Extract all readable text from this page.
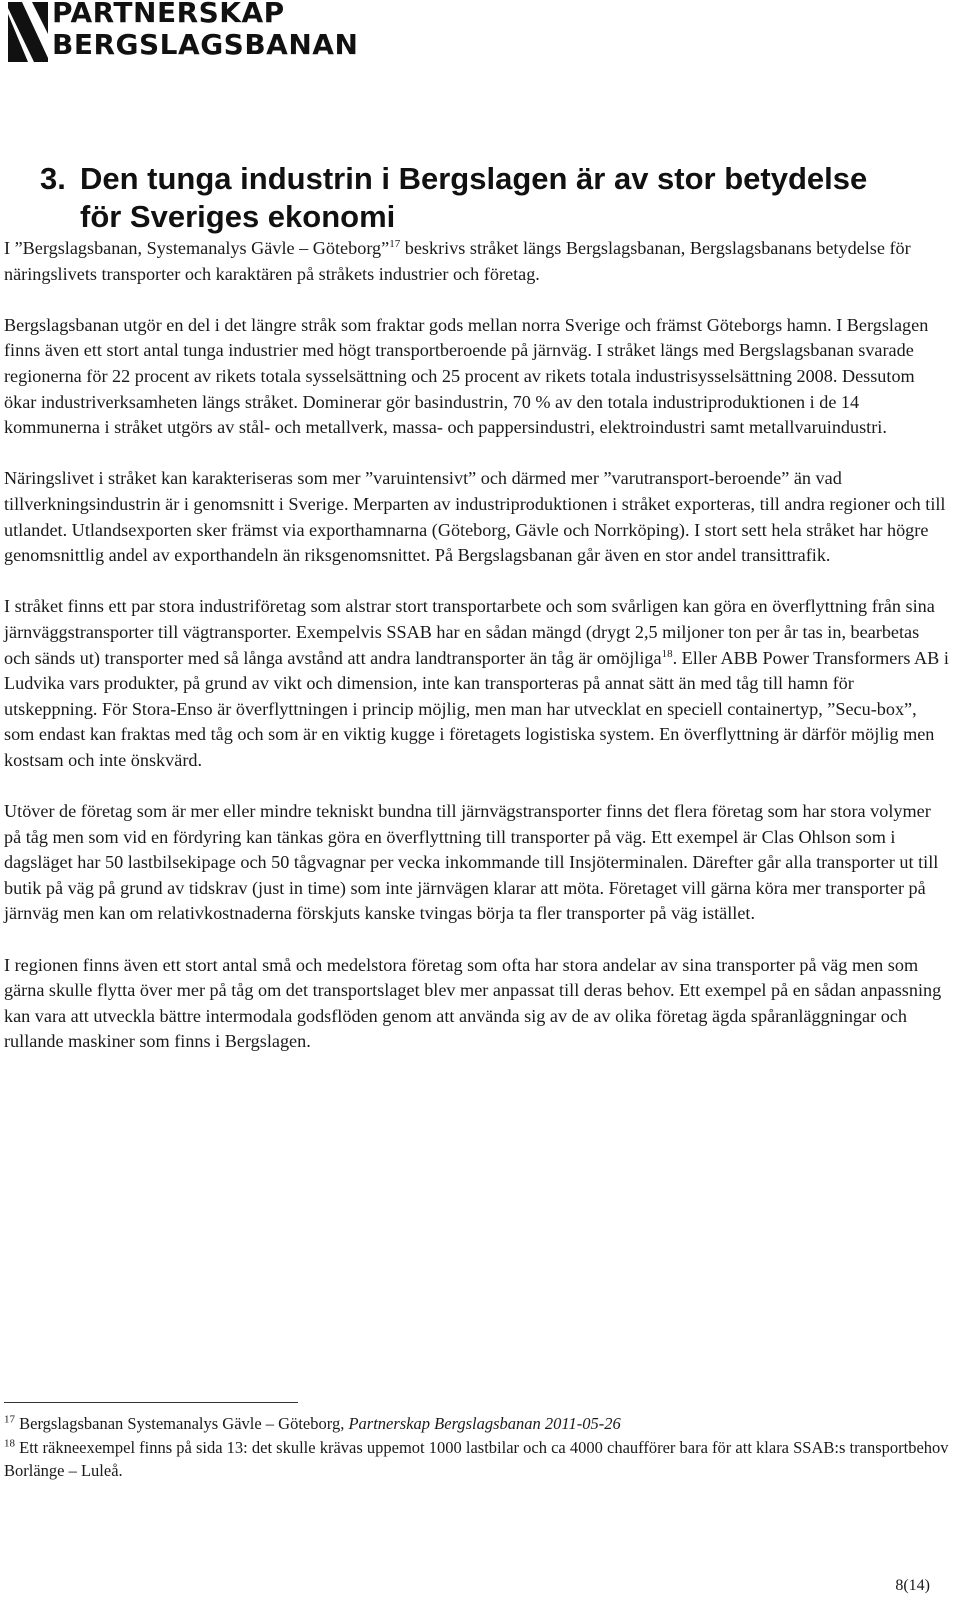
PARTNERSKAP
BERGSLAGSBANAN
3. Den tunga industrin i Bergslagen är av stor betydelse
för Sveriges ekonomi

I ”Bergslagsbanan, Systemanalys Gävle – Göteborg”$^{17}$ beskrivs stråket längs Bergslagsbanan, Bergslagsbanans betydelse för näringslivets transporter och karaktären på stråkets industrier och företag.

Bergslagsbanan utgör en del i det längre stråk som fraktar gods mellan norra Sverige och främst Göteborgs hamn. I Bergslagen finns även ett stort antal tunga industrier med högt transportberoende på järnväg. I stråket längs med Bergslagsbanan svarade regionerna för 22 procent av rikets totala sysselsättning och 25 procent av rikets totala industrisysselsättning 2008. Dessutom ökar industriverksamheten längs stråket. Dominerar gör basindustrin, 70 % av den totala industriproduktionen i de 14 kommunerna i stråket utgörs av stål- och metallverk, massa- och pappersindustri, elektroindustri samt metallvaruindustri.

Näringslivet i stråket kan karakteriseras som mer ”varuintensivt” och därmed mer ”varutransport-beroende” än vad tillverkningsindustrin är i genomsnitt i Sverige. Merparten av industriproduktionen i stråket exporteras, till andra regioner och till utlandet. Utlandsexporten sker främst via exporthamnarna (Göteborg, Gävle och Norrköping). I stort sett hela stråket har högre genomsnittlig andel av exporthandeln än riksgenomsnittet. På Bergslagsbanan går även en stor andel transittrafik.

I stråket finns ett par stora industriföretag som alstrar stort transportarbete och som svårligen kan göra en överflyttning från sina järnväggstransporter till vägtransporter. Exempelvis SSAB har en sådan mängd (drygt 2,5 miljoner ton per år tas in, bearbetas och sänds ut) transporter med så långa avstånd att andra landtransporter än tåg är omöjliga$^{18}$. Eller ABB Power Transformers AB i Ludvika vars produkter, på grund av vikt och dimension, inte kan transporteras på annat sätt än med tåg till hamn för utskeppning. För Stora-Enso är överflyttningen i princip möjlig, men man har utvecklat en speciell containertyp, ”Secu-box”, som endast kan fraktas med tåg och som är en viktig kugge i företagets logistiska system. En överflyttning är därför möjlig men kostsam och inte önskvärd.

Utöver de företag som är mer eller mindre tekniskt bundna till järnvägstransporter finns det flera företag som har stora volymer på tåg men som vid en fördyring kan tänkas göra en överflyttning till transporter på väg. Ett exempel är Clas Ohlson som i dagsläget har 50 lastbilsekipage och 50 tågvagnar per vecka inkommande till Insjöterminalen. Därefter går alla transporter ut till butik på väg på grund av tidskrav (just in time) som inte järnvägen klarar att möta. Företaget vill gärna köra mer transporter på järnväg men kan om relativkostnaderna förskjuts kanske tvingas börja ta fler transporter på väg istället.

I regionen finns även ett stort antal små och medelstora företag som ofta har stora andelar av sina transporter på väg men som gärna skulle flytta över mer på tåg om det transportslaget blev mer anpassat till deras behov. Ett exempel på en sådan anpassning kan vara att utveckla bättre intermodala godsflöden genom att använda sig av de av olika företag ägda spåranläggningar och rullande maskiner som finns i Bergslagen.

$^{17}$ Bergslagsbanan Systemanalys Gävle – Göteborg, Partnerskap Bergslagsbanan 2011-05-26

$^{18}$ Ett räkneexempel finns på sida 13: det skulle krävas uppemot 1000 lastbilar och ca 4000 chaufförer bara för att klara SSAB:s transportbehov Borlänge – Luleå.

8(14)
